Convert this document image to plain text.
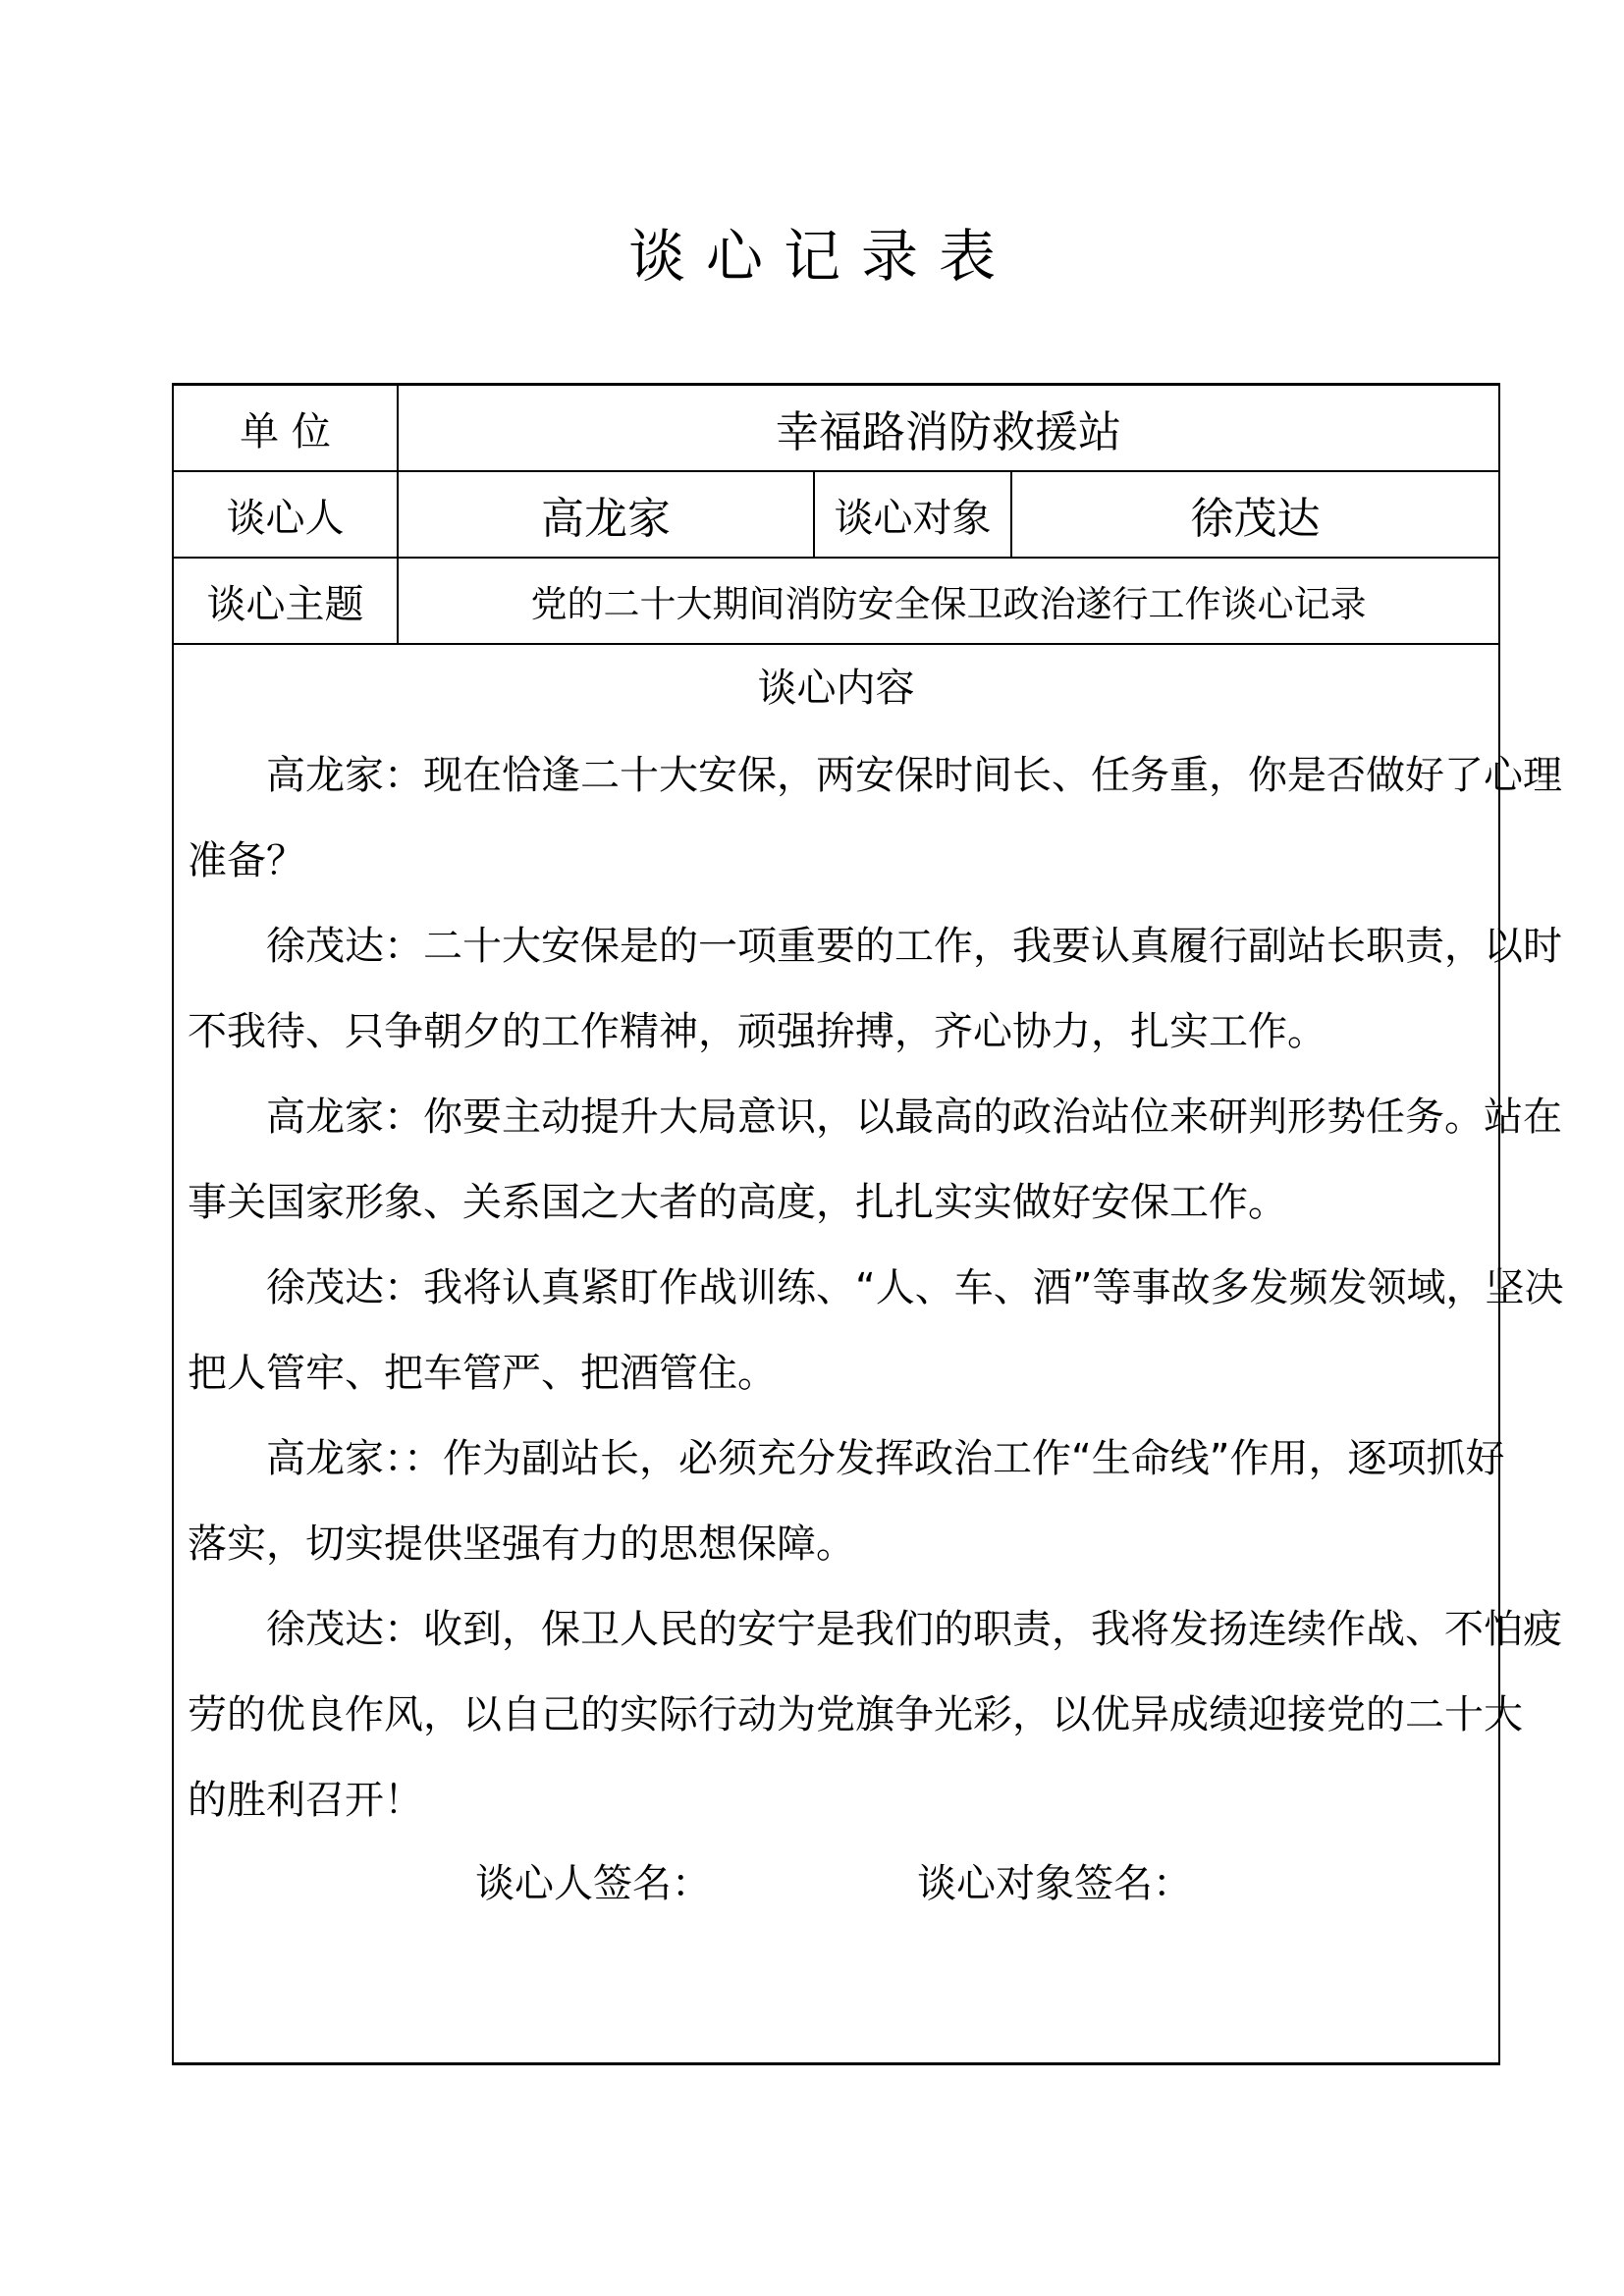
谈心记录表
单 位	幸福路消防救援站
谈心人	高龙家	谈心对象	徐茂达
谈心主题	党的二十大期间消防安全保卫政治遂行工作谈心记录
谈心内容
高龙家：现在恰逢二十大安保，两安保时间长、任务重，你是否做好了心理
准备？
徐茂达：二十大安保是的一项重要的工作，我要认真履行副站长职责，以时
不我待、只争朝夕的工作精神，顽强拚搏，齐心协力，扎实工作。
高龙家：你要主动提升大局意识，以最高的政治站位来研判形势任务。站在
事关国家形象、关系国之大者的高度，扎扎实实做好安保工作。
徐茂达：我将认真紧盯作战训练、“人、车、酒”等事故多发频发领域，坚决
把人管牢、把车管严、把酒管住。
高龙家：：作为副站长，必须充分发挥政治工作“生命线”作用，逐项抓好
落实，切实提供坚强有力的思想保障。
徐茂达：收到，保卫人民的安宁是我们的职责，我将发扬连续作战、不怕疲
劳的优良作风，以自己的实际行动为党旗争光彩，以优异成绩迎接党的二十大
的胜利召开！
谈心人签名：	谈心对象签名：
